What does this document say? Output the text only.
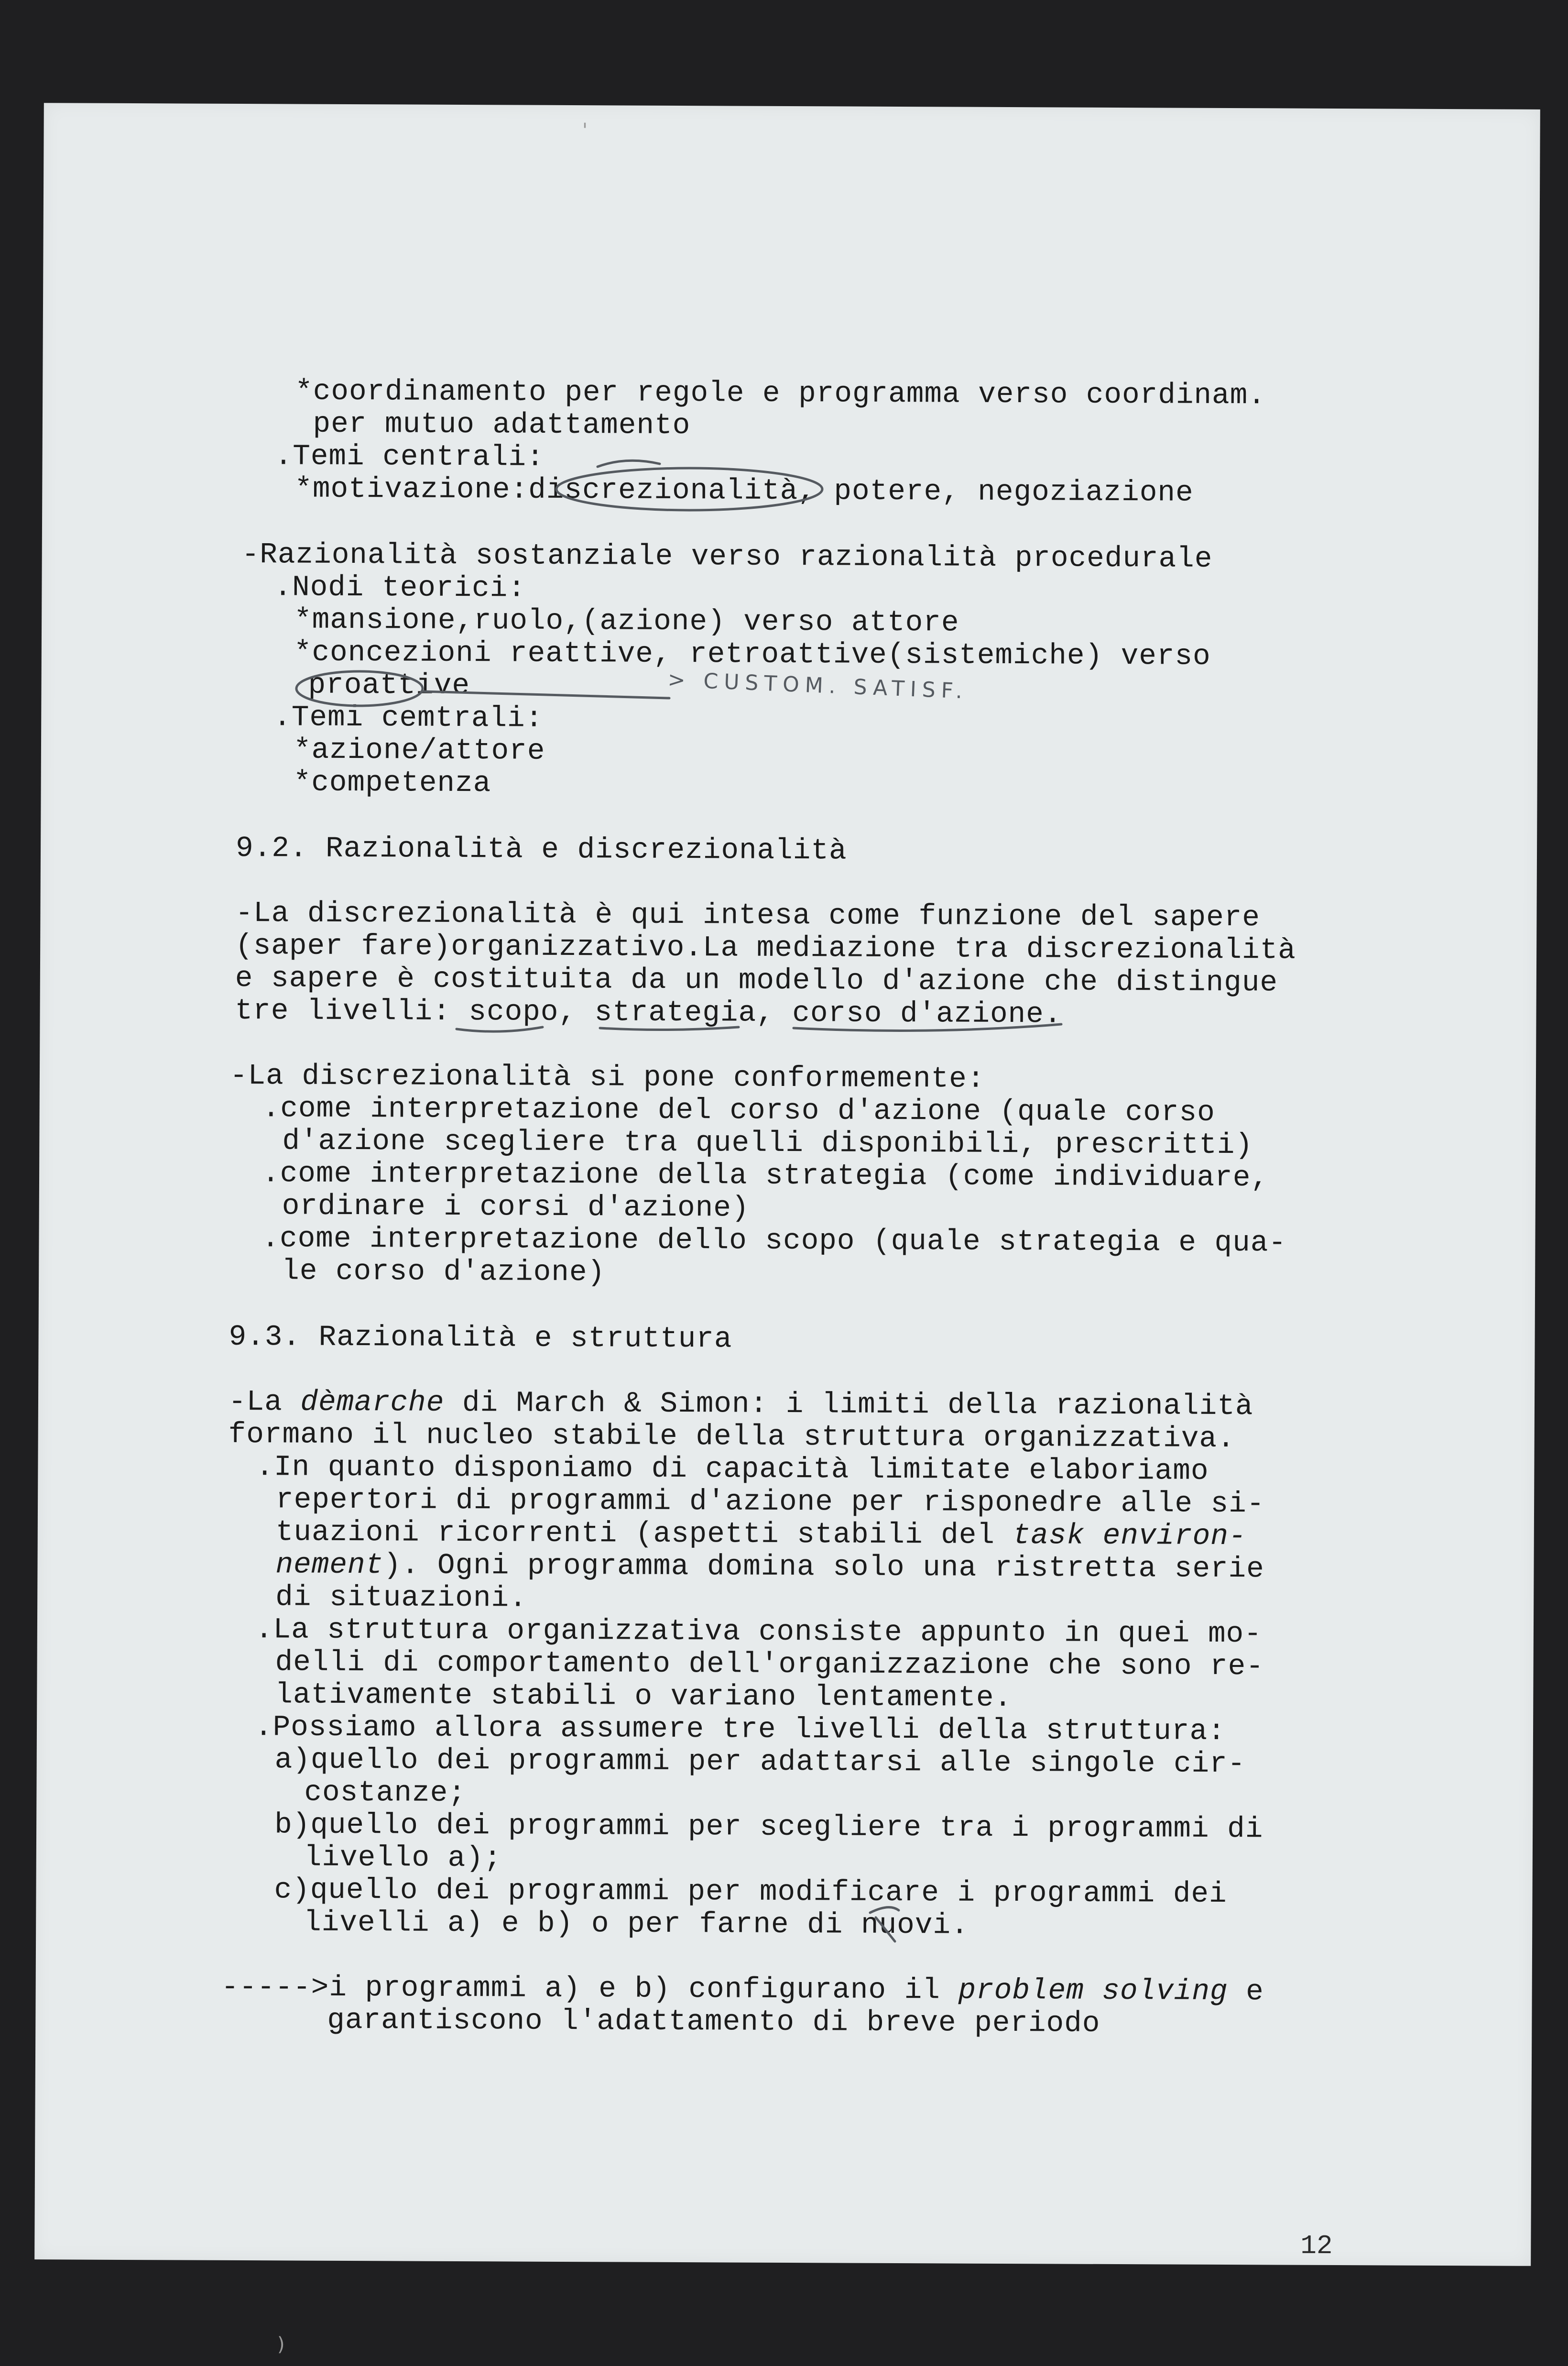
*coordinamento per regole e programma verso coordinam.
per mutuo adattamento
.Temi centrali:
*motivazione:discrezionalità, potere, negoziazione
-Razionalità sostanziale verso razionalità procedurale
.Nodi teorici:
*mansione,ruolo,(azione) verso attore
*concezioni reattive, retroattive(sistemiche) verso
proattive
.Temi cemtrali:
*azione/attore
*competenza
9.2. Razionalità e discrezionalità
-La discrezionalità è qui intesa come funzione del sapere
(saper fare)organizzativo.La mediazione tra discrezionalità
e sapere è costituita da un modello d'azione che distingue
tre livelli: scopo, strategia, corso d'azione.
-La discrezionalità si pone conformemente:
.come interpretazione del corso d'azione (quale corso
d'azione scegliere tra quelli disponibili, prescritti)
.come interpretazione della strategia (come individuare,
ordinare i corsi d'azione)
.come interpretazione dello scopo (quale strategia e qua-
le corso d'azione)
9.3. Razionalità e struttura
-La dèmarche di March & Simon: i limiti della razionalità
formano il nucleo stabile della struttura organizzativa.
.In quanto disponiamo di capacità limitate elaboriamo
repertori di programmi d'azione per risponedre alle si-
tuazioni ricorrenti (aspetti stabili del task environ-
nement). Ogni programma domina solo una ristretta serie
di situazioni.
.La struttura organizzativa consiste appunto in quei mo-
delli di comportamento dell'organizzazione che sono re-
lativamente stabili o variano lentamente.
.Possiamo allora assumere tre livelli della struttura:
a)quello dei programmi per adattarsi alle singole cir-
costanze;
b)quello dei programmi per scegliere tra i programmi di
livello a);
c)quello dei programmi per modificare i programmi dei
livelli a) e b) o per farne di nuovi.
----->i programmi a) e b) configurano il problem solving e
garantiscono l'adattamento di breve periodo
> CUSTOM. SATISF.
12
'
)
